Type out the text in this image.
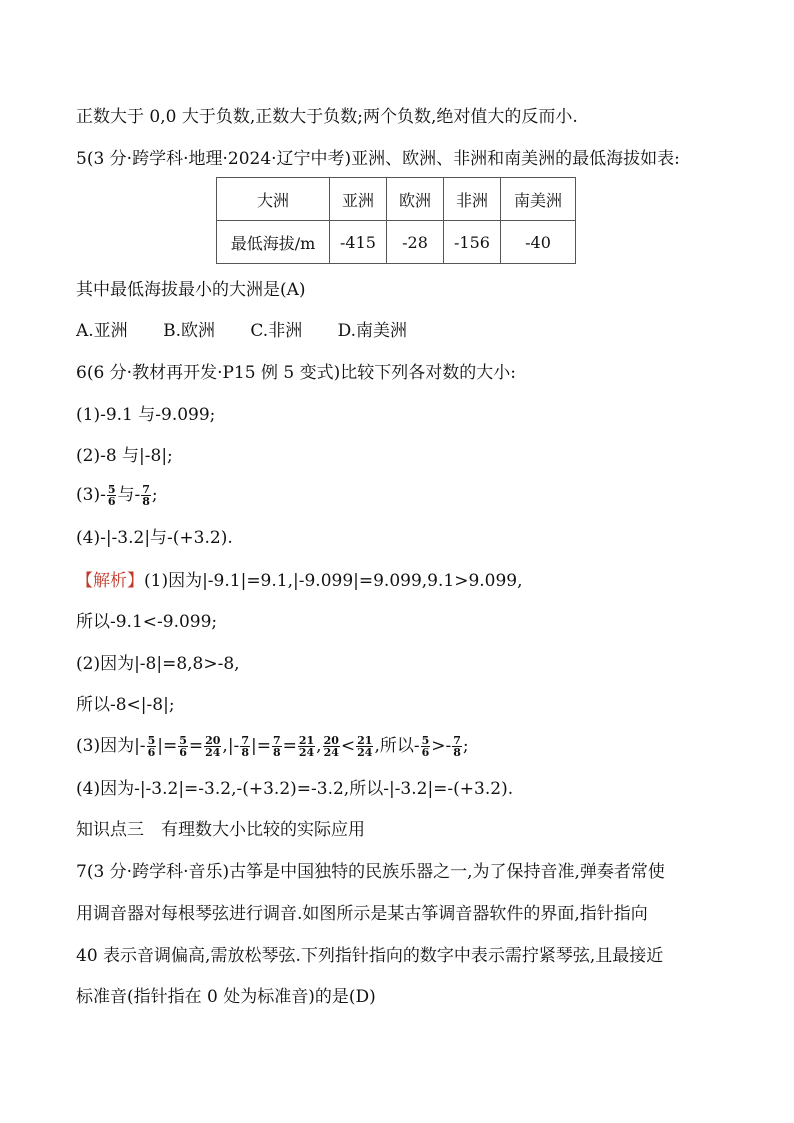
正数大于 0,0 大于负数,正数大于负数;两个负数,绝对值大的反而小.
5(3 分·跨学科·地理·2024·辽宁中考)亚洲、欧洲、非洲和南美洲的最低海拔如表:
大洲	亚洲	欧洲	非洲	南美洲
最低海拔/m	-415	-28	-156	-40
其中最低海拔最小的大洲是(A)
A.亚洲 B.欧洲 C.非洲 D.南美洲
6(6 分·教材再开发·P15 例 5 变式)比较下列各对数的大小:
(1)-9.1 与-9.099;
(2)-8 与|-8|;
$(3)- \frac{5}{6}$ 与- $\frac{7}{8}$ ;
(4)-|-3.2|与-(+3.2).
【解析】(1)因为|-9.1|=9.1,|-9.099|=9.099,9.1>9.099,
所以-9.1<-9.099;
(2)因为|-8|=8,8>-8,
所以-8<|-8|;
(3)因为|- $\frac{5}{6}$ |= $\frac{5}{6} = \frac{20}{24}$ ,|- $\frac{7}{8}$ |= $\frac{7}{8} = \frac{21}{24}$ , $\frac{20}{24} < \frac{21}{24}$ ,所以- $\frac{5}{6} >- \frac{7}{8}$ ;
(4)因为-|-3.2|=-3.2,-(+3.2)=-3.2,所以-|-3.2|=-(+3.2).
知识点三　有理数大小比较的实际应用
7(3 分·跨学科·音乐)古筝是中国独特的民族乐器之一,为了保持音准,弹奏者常使
用调音器对每根琴弦进行调音.如图所示是某古筝调音器软件的界面,指针指向
40 表示音调偏高,需放松琴弦.下列指针指向的数字中表示需拧紧琴弦,且最接近
标准音(指针指在 0 处为标准音)的是(D)
